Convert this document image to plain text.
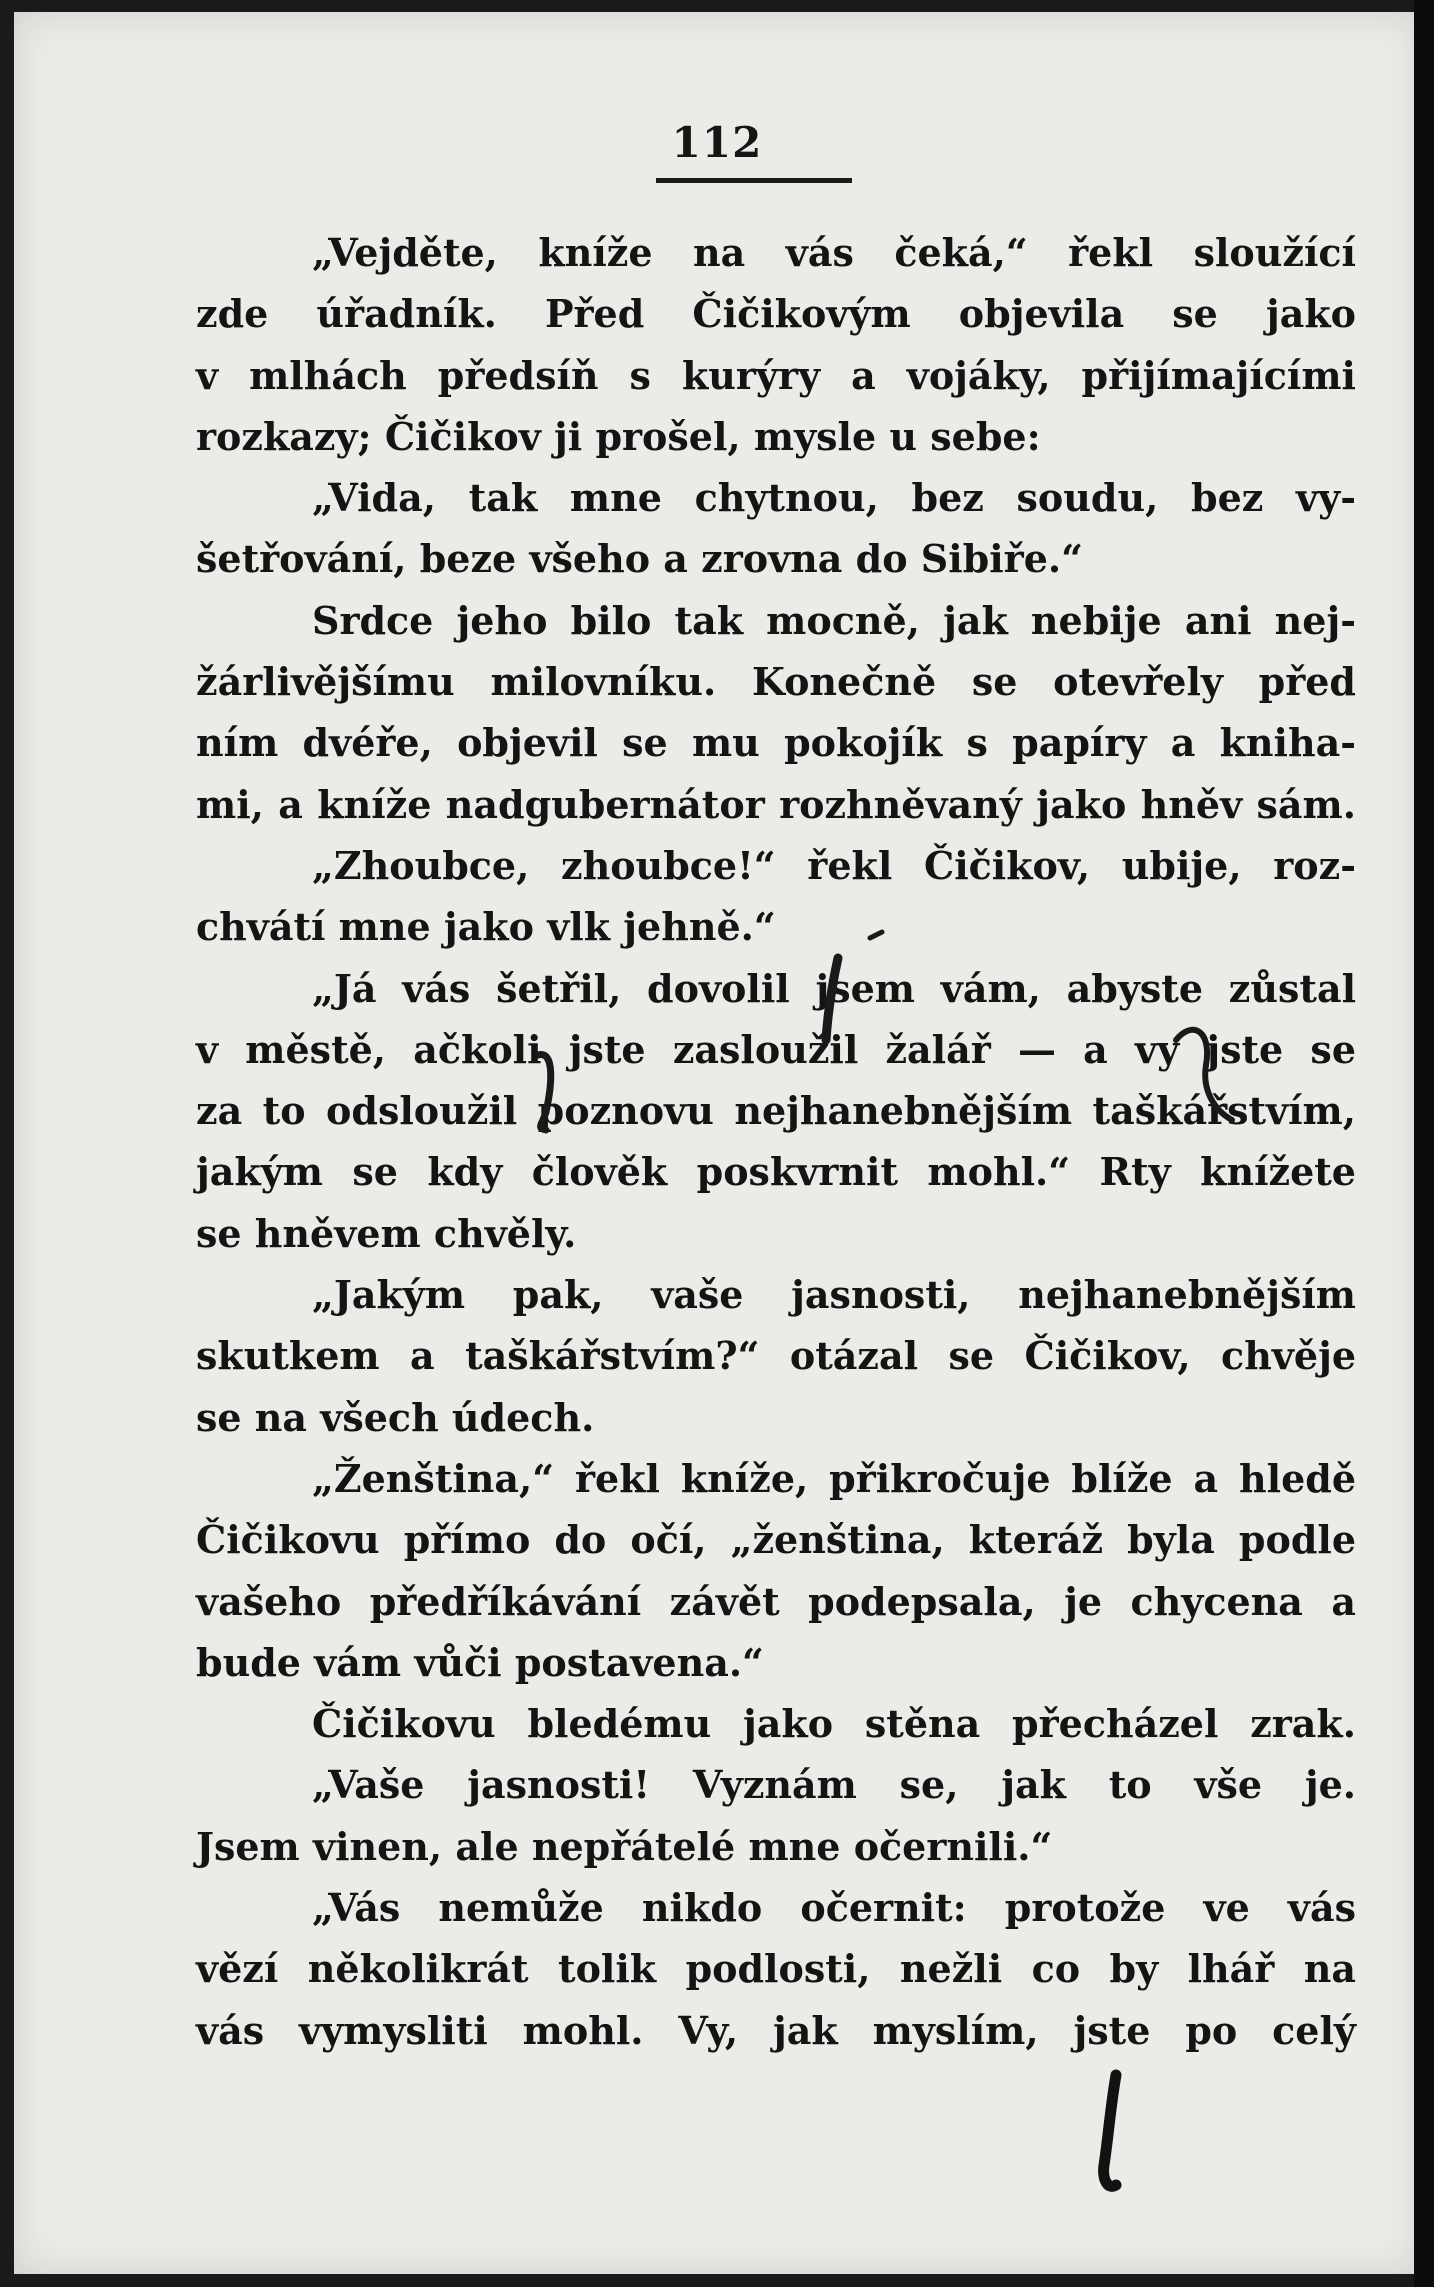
112
„Vejděte, kníže na vás čeká,“ řekl sloužící
zde úřadník. Před Čičikovým objevila se jako
v mlhách předsíň s kurýry a vojáky, přijímajícími
rozkazy; Čičikov ji prošel, mysle u sebe:
„Vida, tak mne chytnou, bez soudu, bez vy-
šetřování, beze všeho a zrovna do Sibiře.“
Srdce jeho bilo tak mocně, jak nebije ani nej-
žárlivějšímu milovníku. Konečně se otevřely před
ním dvéře, objevil se mu pokojík s papíry a kniha-
mi, a kníže nadgubernátor rozhněvaný jako hněv sám.
„Zhoubce, zhoubce!“ řekl Čičikov, ubije, roz-
chvátí mne jako vlk jehně.“
„Já vás šetřil, dovolil jsem vám, abyste zůstal
v městě, ačkoli jste zasloužil žalář — a vy jste se
za to odsloužil poznovu nejhanebnějším taškářstvím,
jakým se kdy člověk poskvrnit mohl.“ Rty knížete
se hněvem chvěly.
„Jakým pak, vaše jasnosti, nejhanebnějším
skutkem a taškářstvím?“ otázal se Čičikov, chvěje
se na všech údech.
„Ženština,“ řekl kníže, přikročuje blíže a hledě
Čičikovu přímo do očí, „ženština, kteráž byla podle
vašeho předříkávání závět podepsala, je chycena a
bude vám vůči postavena.“
Čičikovu bledému jako stěna přecházel zrak.
„Vaše jasnosti! Vyznám se, jak to vše je.
Jsem vinen, ale nepřátelé mne očernili.“
„Vás nemůže nikdo očernit: protože ve vás
vězí několikrát tolik podlosti, nežli co by lhář na
vás vymysliti mohl. Vy, jak myslím, jste po celý
